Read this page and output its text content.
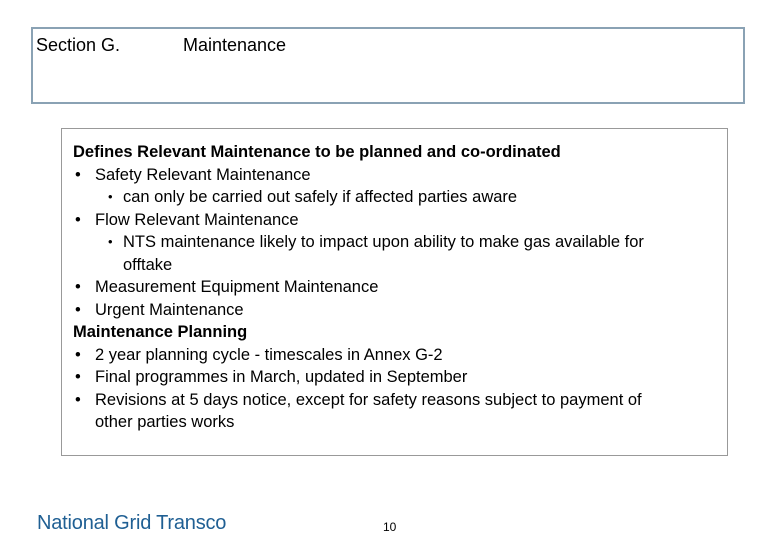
Section G.	Maintenance
Defines Relevant Maintenance to be planned and co-ordinated
• Safety Relevant Maintenance
• can only be carried out safely if affected parties aware
• Flow Relevant Maintenance
• NTS maintenance likely to impact upon ability to make gas available for
offtake
• Measurement Equipment Maintenance
• Urgent Maintenance
Maintenance Planning
• 2 year planning cycle - timescales in Annex G-2
• Final programmes in March, updated in September
• Revisions at 5 days notice, except for safety reasons subject to payment of
other parties works
National Grid Transco	10
